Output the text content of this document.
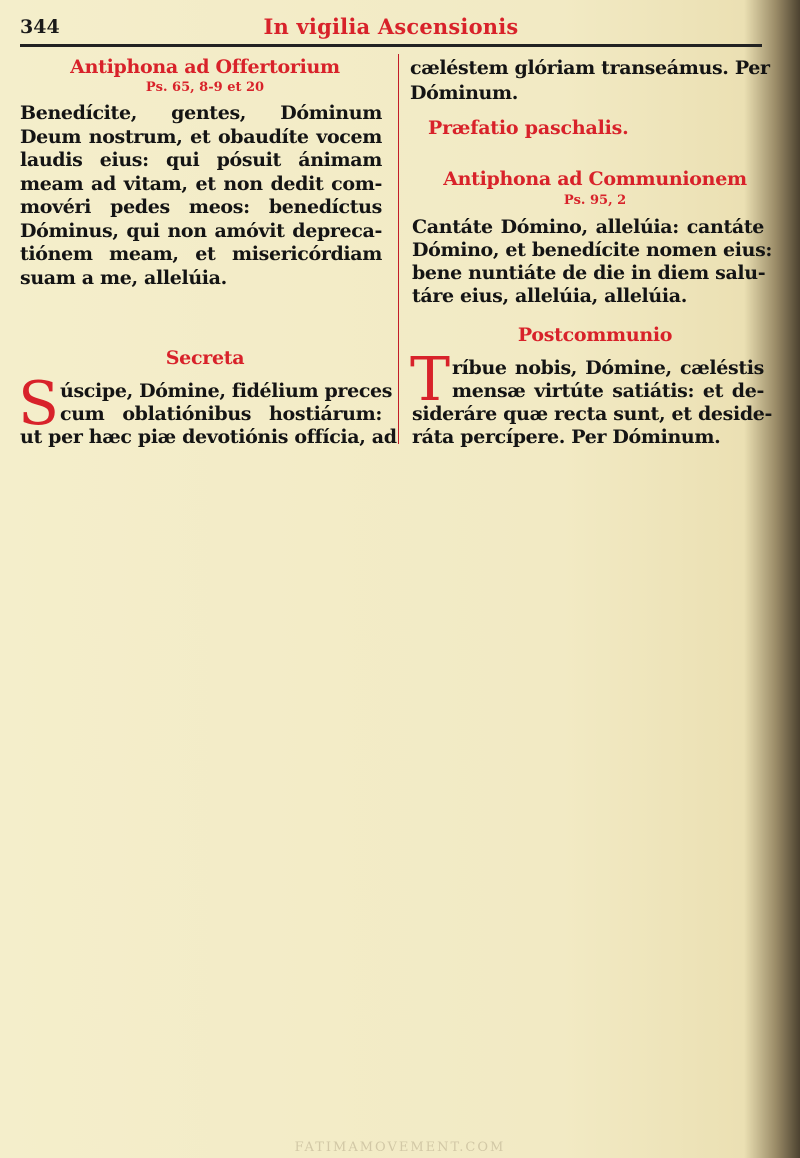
344	In vigilia Ascensionis
Antiphona ad Offertorium
Ps. 65, 8-9 et 20
Benedícite, gentes, Dóminum
Deum nostrum, et obaudíte vocem
laudis eius: qui pósuit ánimam
meam ad vitam, et non dedit com-
movéri pedes meos: benedíctus
Dóminus, qui non amóvit depreca-
tiónem meam, et misericórdiam
suam a me, allelúia.
Secreta
S úscipe, Dómine, fidélium preces
cum oblatiónibus hostiárum:
ut per hæc piæ devotiónis offícia, ad
cæléstem glóriam transeámus. Per
Dóminum.
Præfatio paschalis.
Antiphona ad Communionem
Ps. 95, 2
Cantáte Dómino, allelúia: cantáte
Dómino, et benedícite nomen eius:
bene nuntiáte de die in diem salu-
táre eius, allelúia, allelúia.
Postcommunio
T ríbue nobis, Dómine, cæléstis
mensæ virtúte satiátis: et de-
sideráre quæ recta sunt, et deside-
ráta percípere. Per Dóminum.
FATIMAMOVEMENT.COM
